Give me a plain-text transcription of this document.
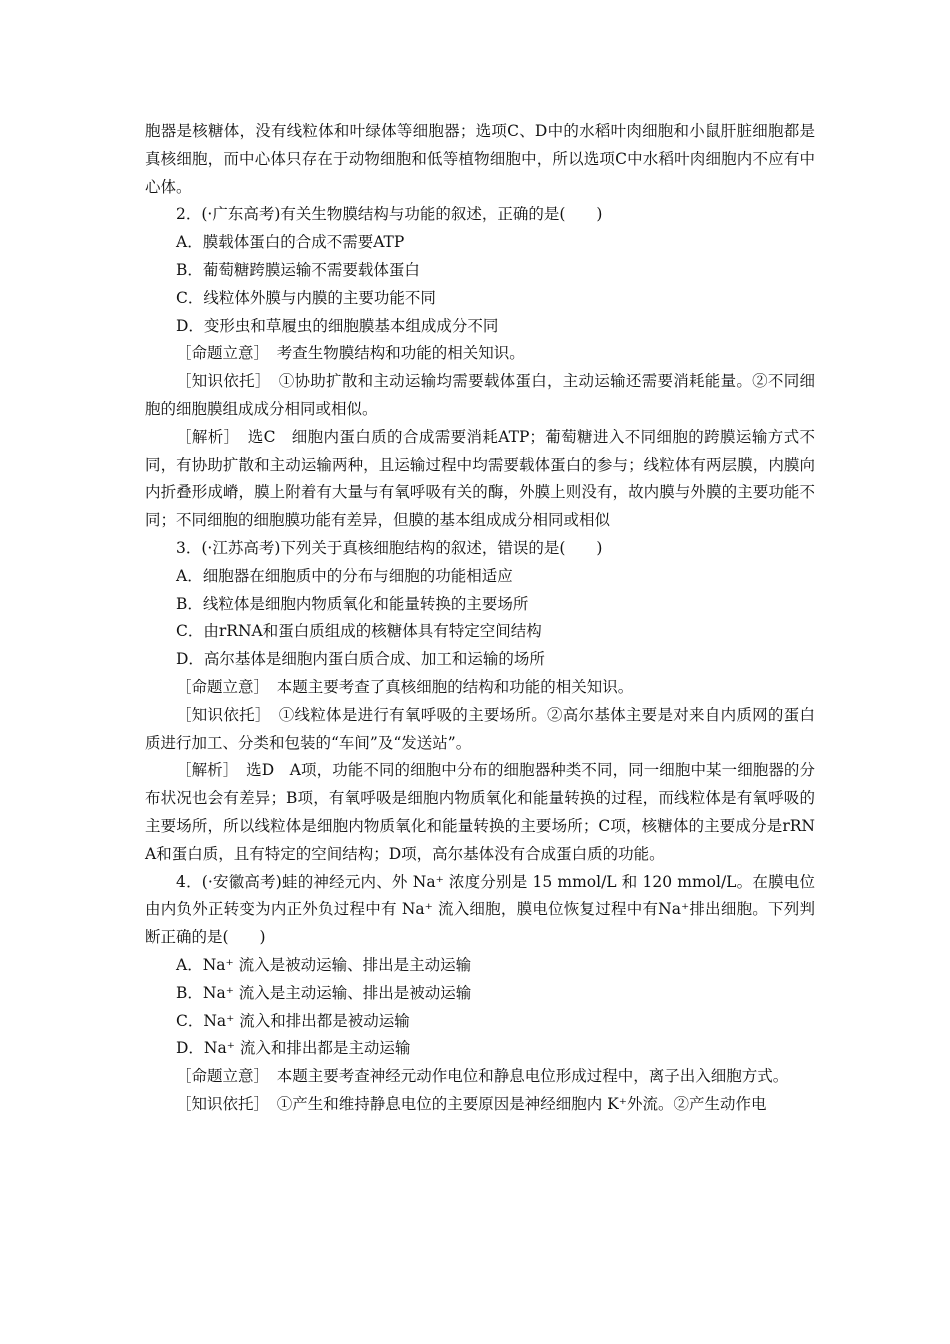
胞器是核糖体，没有线粒体和叶绿体等细胞器；选项C、D中的水稻叶肉细胞和小鼠肝脏细胞都是真核细胞，而中心体只存在于动物细胞和低等植物细胞中，所以选项C中水稻叶肉细胞内不应有中心体。

2．(·广东高考)有关生物膜结构与功能的叙述，正确的是(　　)

A．膜载体蛋白的合成不需要ATP

B．葡萄糖跨膜运输不需要载体蛋白

C．线粒体外膜与内膜的主要功能不同

D．变形虫和草履虫的细胞膜基本组成成分不同

［命题立意］　考查生物膜结构和功能的相关知识。

［知识依托］　①协助扩散和主动运输均需要载体蛋白，主动运输还需要消耗能量。②不同细胞的细胞膜组成成分相同或相似。

［解析］　选C　细胞内蛋白质的合成需要消耗ATP；葡萄糖进入不同细胞的跨膜运输方式不同，有协助扩散和主动运输两种，且运输过程中均需要载体蛋白的参与；线粒体有两层膜，内膜向内折叠形成嵴，膜上附着有大量与有氧呼吸有关的酶，外膜上则没有，故内膜与外膜的主要功能不同；不同细胞的细胞膜功能有差异，但膜的基本组成成分相同或相似

3．(·江苏高考)下列关于真核细胞结构的叙述，错误的是(　　)

A．细胞器在细胞质中的分布与细胞的功能相适应

B．线粒体是细胞内物质氧化和能量转换的主要场所

C．由rRNA和蛋白质组成的核糖体具有特定空间结构

D．高尔基体是细胞内蛋白质合成、加工和运输的场所

［命题立意］　本题主要考查了真核细胞的结构和功能的相关知识。

［知识依托］　①线粒体是进行有氧呼吸的主要场所。②高尔基体主要是对来自内质网的蛋白质进行加工、分类和包装的“车间”及“发送站”。

［解析］　选D　A项，功能不同的细胞中分布的细胞器种类不同，同一细胞中某一细胞器的分布状况也会有差异；B项，有氧呼吸是细胞内物质氧化和能量转换的过程，而线粒体是有氧呼吸的主要场所，所以线粒体是细胞内物质氧化和能量转换的主要场所；C项，核糖体的主要成分是rRNA和蛋白质，且有特定的空间结构；D项，高尔基体没有合成蛋白质的功能。

4．(·安徽高考)蛙的神经元内、外 Na⁺ 浓度分别是 15 mmol/L 和 120 mmol/L。在膜电位由内负外正转变为内正外负过程中有 Na⁺ 流入细胞，膜电位恢复过程中有Na⁺排出细胞。下列判断正确的是(　　)

A．Na⁺ 流入是被动运输、排出是主动运输

B．Na⁺ 流入是主动运输、排出是被动运输

C．Na⁺ 流入和排出都是被动运输

D．Na⁺ 流入和排出都是主动运输

［命题立意］　本题主要考查神经元动作电位和静息电位形成过程中，离子出入细胞方式。

［知识依托］　①产生和维持静息电位的主要原因是神经细胞内 K⁺外流。②产生动作电
